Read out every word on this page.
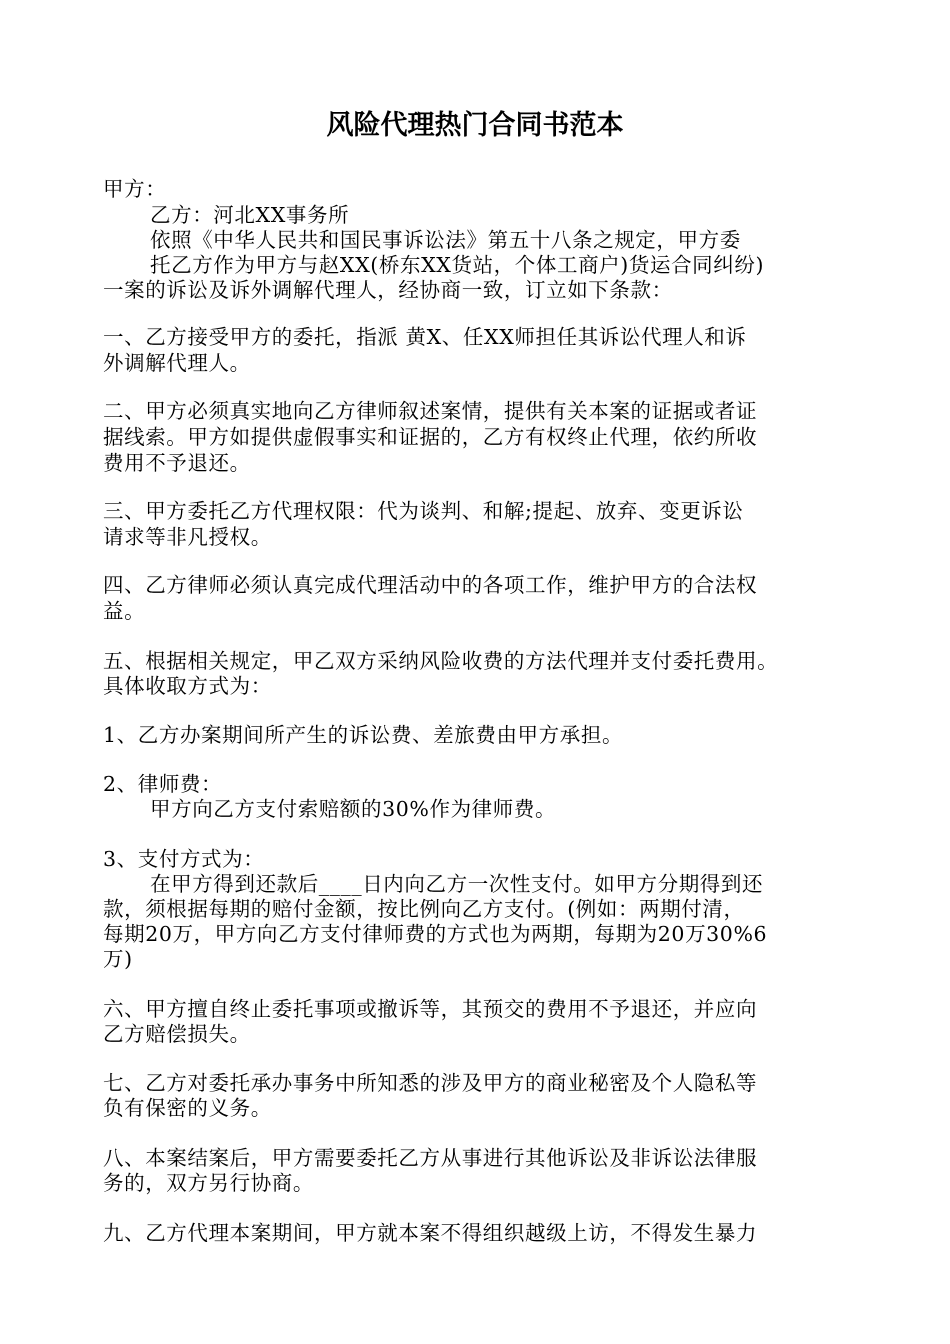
风险代理热门合同书范本
甲方：
乙方：河北XX事务所
依照《中华人民共和国民事诉讼法》第五十八条之规定，甲方委
托乙方作为甲方与赵XX(桥东XX货站，个体工商户)货运合同纠纷)
一案的诉讼及诉外调解代理人，经协商一致，订立如下条款：
一、乙方接受甲方的委托，指派 黄X、任XX师担任其诉讼代理人和诉
外调解代理人。
二、甲方必须真实地向乙方律师叙述案情，提供有关本案的证据或者证
据线索。甲方如提供虚假事实和证据的，乙方有权终止代理，依约所收
费用不予退还。
三、甲方委托乙方代理权限：代为谈判、和解;提起、放弃、变更诉讼
请求等非凡授权。
四、乙方律师必须认真完成代理活动中的各项工作，维护甲方的合法权
益。
五、根据相关规定，甲乙双方采纳风险收费的方法代理并支付委托费用。
具体收取方式为：
1、乙方办案期间所产生的诉讼费、差旅费由甲方承担。
2、律师费：
甲方向乙方支付索赔额的30%作为律师费。
3、支付方式为：
在甲方得到还款后____日内向乙方一次性支付。如甲方分期得到还
款，须根据每期的赔付金额，按比例向乙方支付。(例如：两期付清，
每期20万，甲方向乙方支付律师费的方式也为两期，每期为20万30%6
万)
六、甲方擅自终止委托事项或撤诉等，其预交的费用不予退还，并应向
乙方赔偿损失。
七、乙方对委托承办事务中所知悉的涉及甲方的商业秘密及个人隐私等
负有保密的义务。
八、本案结案后，甲方需要委托乙方从事进行其他诉讼及非诉讼法律服
务的，双方另行协商。
九、乙方代理本案期间，甲方就本案不得组织越级上访，不得发生暴力
